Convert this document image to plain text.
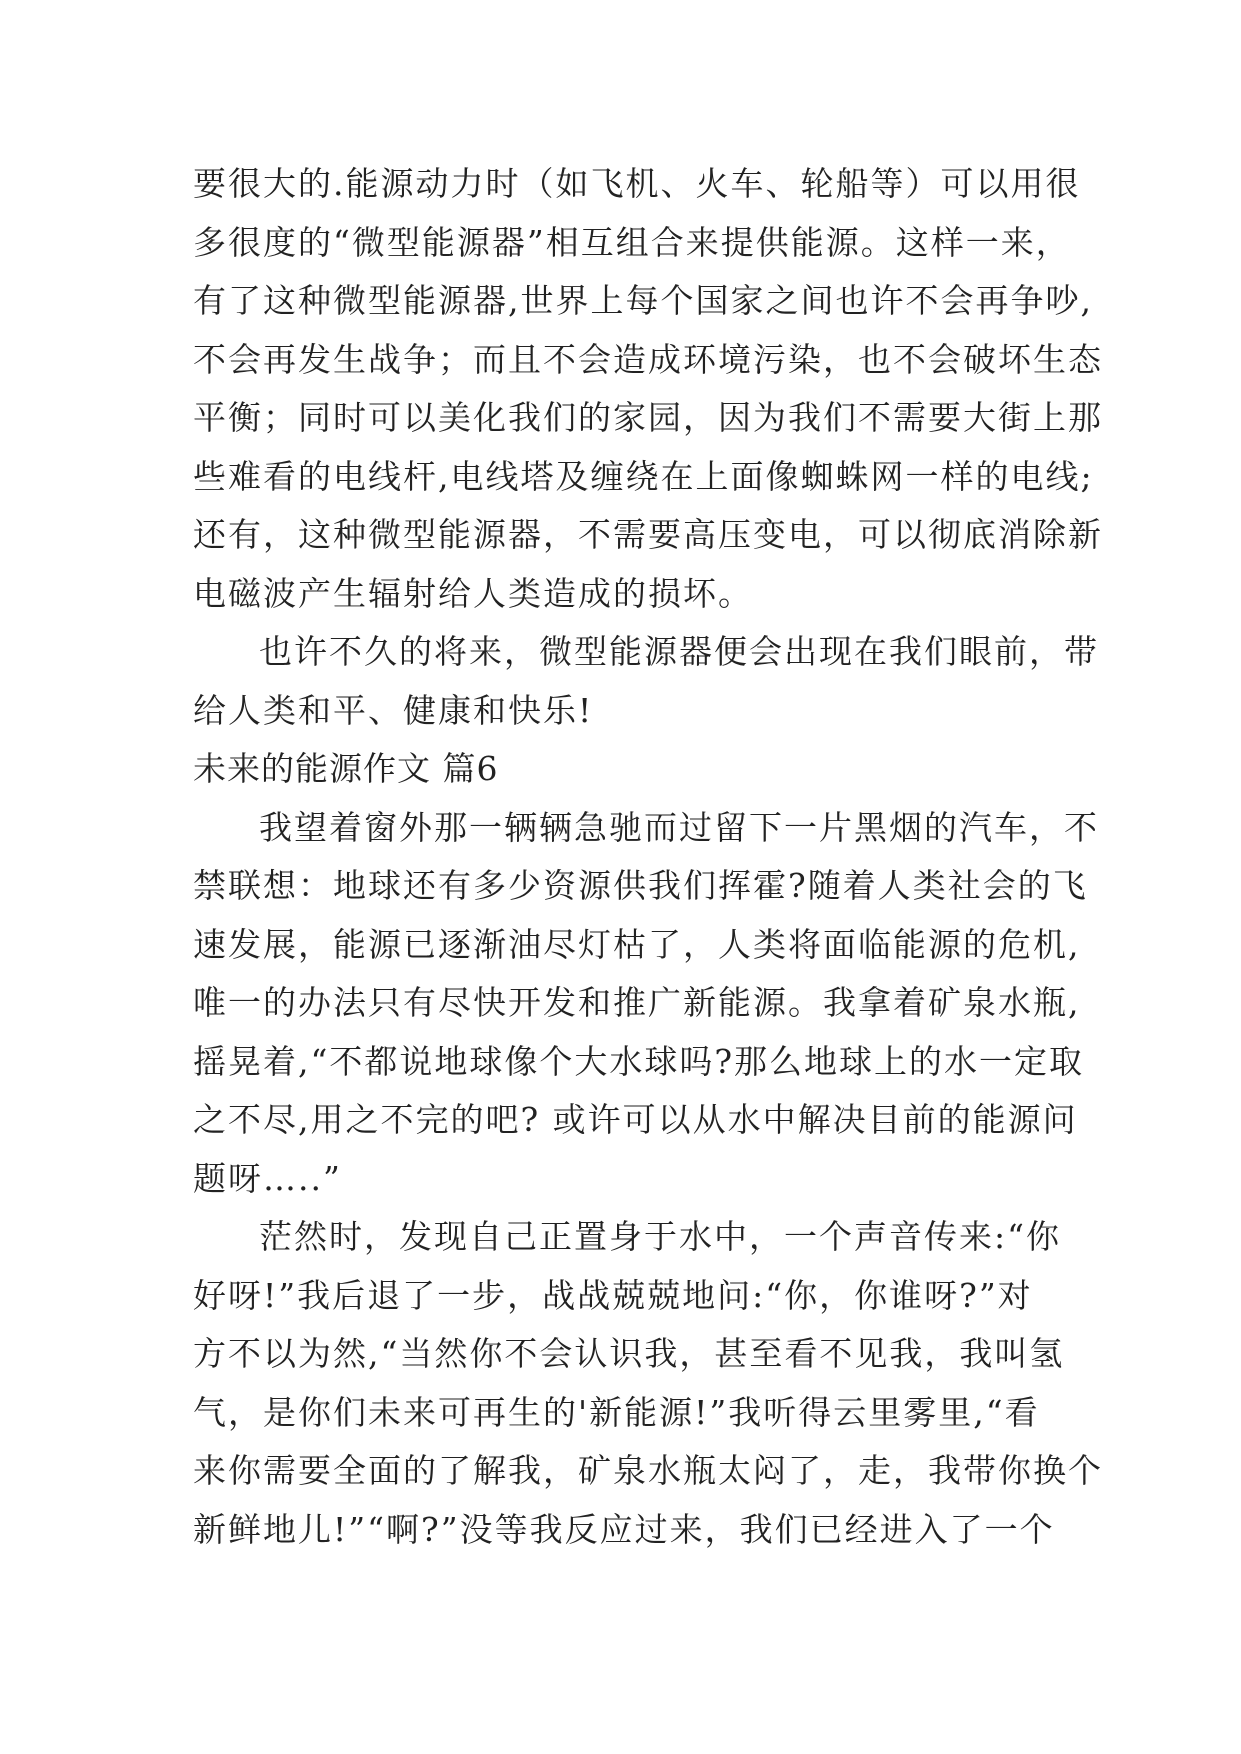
要很大的.能源动力时（如飞机、火车、轮船等）可以用很
多很度的“微型能源器”相互组合来提供能源。这样一来，
有了这种微型能源器,世界上每个国家之间也许不会再争吵,
不会再发生战争；而且不会造成环境污染，也不会破坏生态
平衡；同时可以美化我们的家园，因为我们不需要大街上那
些难看的电线杆,电线塔及缠绕在上面像蜘蛛网一样的电线;
还有，这种微型能源器，不需要高压变电，可以彻底消除新
电磁波产生辐射给人类造成的损坏。
也许不久的将来，微型能源器便会出现在我们眼前，带
给人类和平、健康和快乐!
未来的能源作文 篇6
我望着窗外那一辆辆急驰而过留下一片黑烟的汽车，不
禁联想：地球还有多少资源供我们挥霍?随着人类社会的飞
速发展，能源已逐渐油尽灯枯了，人类将面临能源的危机,
唯一的办法只有尽快开发和推广新能源。我拿着矿泉水瓶,
摇晃着,“不都说地球像个大水球吗?那么地球上的水一定取
之不尽,用之不完的吧? 或许可以从水中解决目前的能源问
题呀…..”
茫然时，发现自己正置身于水中，一个声音传来:“你
好呀!”我后退了一步，战战兢兢地问:“你，你谁呀?”对
方不以为然,“当然你不会认识我，甚至看不见我，我叫氢
气，是你们未来可再生的'新能源!”我听得云里雾里,“看
来你需要全面的了解我，矿泉水瓶太闷了，走，我带你换个
新鲜地儿!”“啊?”没等我反应过来，我们已经进入了一个
